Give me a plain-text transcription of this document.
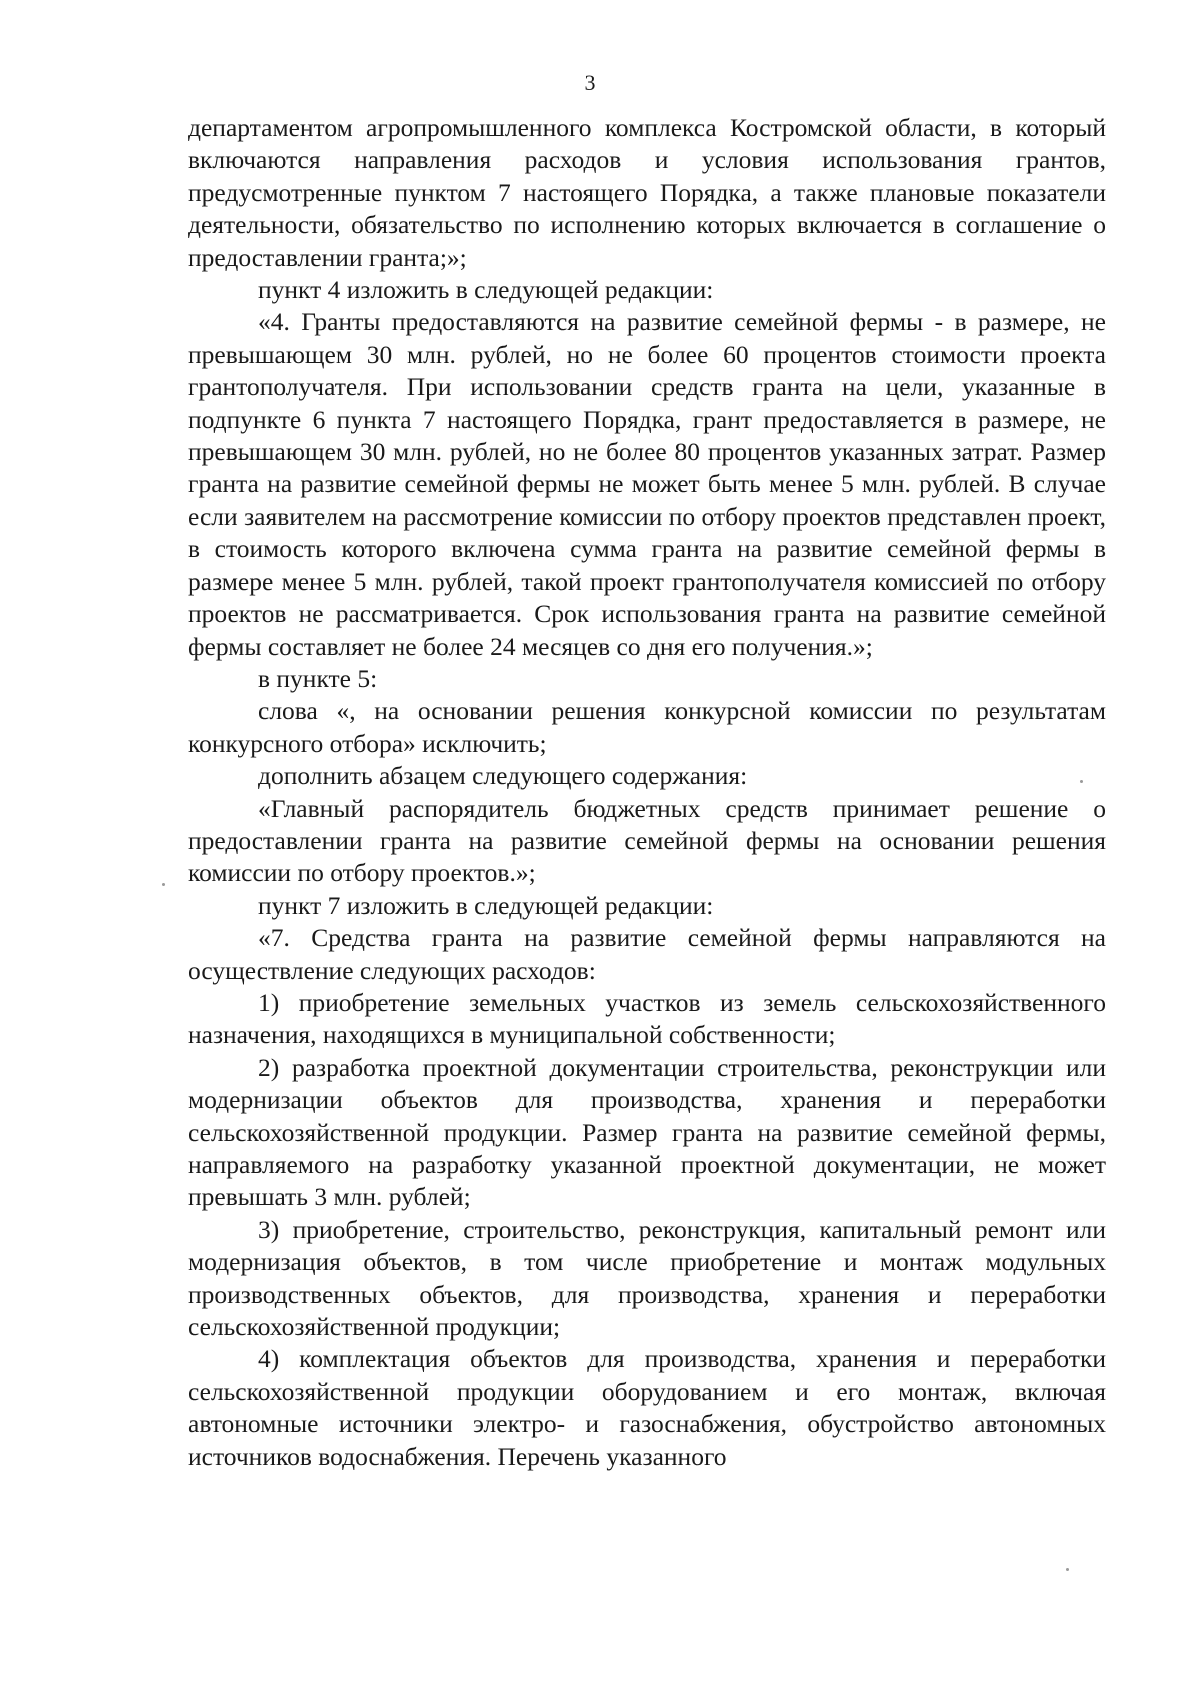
3

департаментом агропромышленного комплекса Костромской области, в который включаются направления расходов и условия использования грантов, предусмотренные пунктом 7 настоящего Порядка, а также плановые показатели деятельности, обязательство по исполнению которых включается в соглашение о предоставлении гранта;»;

пункт 4 изложить в следующей редакции:

«4. Гранты предоставляются на развитие семейной фермы - в размере, не превышающем 30 млн. рублей, но не более 60 процентов стоимости проекта грантополучателя. При использовании средств гранта на цели, указанные в подпункте 6 пункта 7 настоящего Порядка, грант предоставляется в размере, не превышающем 30 млн. рублей, но не более 80 процентов указанных затрат. Размер гранта на развитие семейной фермы не может быть менее 5 млн. рублей. В случае если заявителем на рассмотрение комиссии по отбору проектов представлен проект, в стоимость которого включена сумма гранта на развитие семейной фермы в размере менее 5 млн. рублей, такой проект грантополучателя комиссией по отбору проектов не рассматривается. Срок использования гранта на развитие семейной фермы составляет не более 24 месяцев со дня его получения.»;

в пункте 5:

слова «, на основании решения конкурсной комиссии по результатам конкурсного отбора» исключить;

дополнить абзацем следующего содержания:

«Главный распорядитель бюджетных средств принимает решение о предоставлении гранта на развитие семейной фермы на основании решения комиссии по отбору проектов.»;

пункт 7 изложить в следующей редакции:

«7. Средства гранта на развитие семейной фермы направляются на осуществление следующих расходов:

1) приобретение земельных участков из земель сельскохозяйственного назначения, находящихся в муниципальной собственности;

2) разработка проектной документации строительства, реконструкции или модернизации объектов для производства, хранения и переработки сельскохозяйственной продукции. Размер гранта на развитие семейной фермы, направляемого на разработку указанной проектной документации, не может превышать 3 млн. рублей;

3) приобретение, строительство, реконструкция, капитальный ремонт или модернизация объектов, в том числе приобретение и монтаж модульных производственных объектов, для производства, хранения и переработки сельскохозяйственной продукции;

4) комплектация объектов для производства, хранения и переработки сельскохозяйственной продукции оборудованием и его монтаж, включая автономные источники электро- и газоснабжения, обустройство автономных источников водоснабжения. Перечень указанного
